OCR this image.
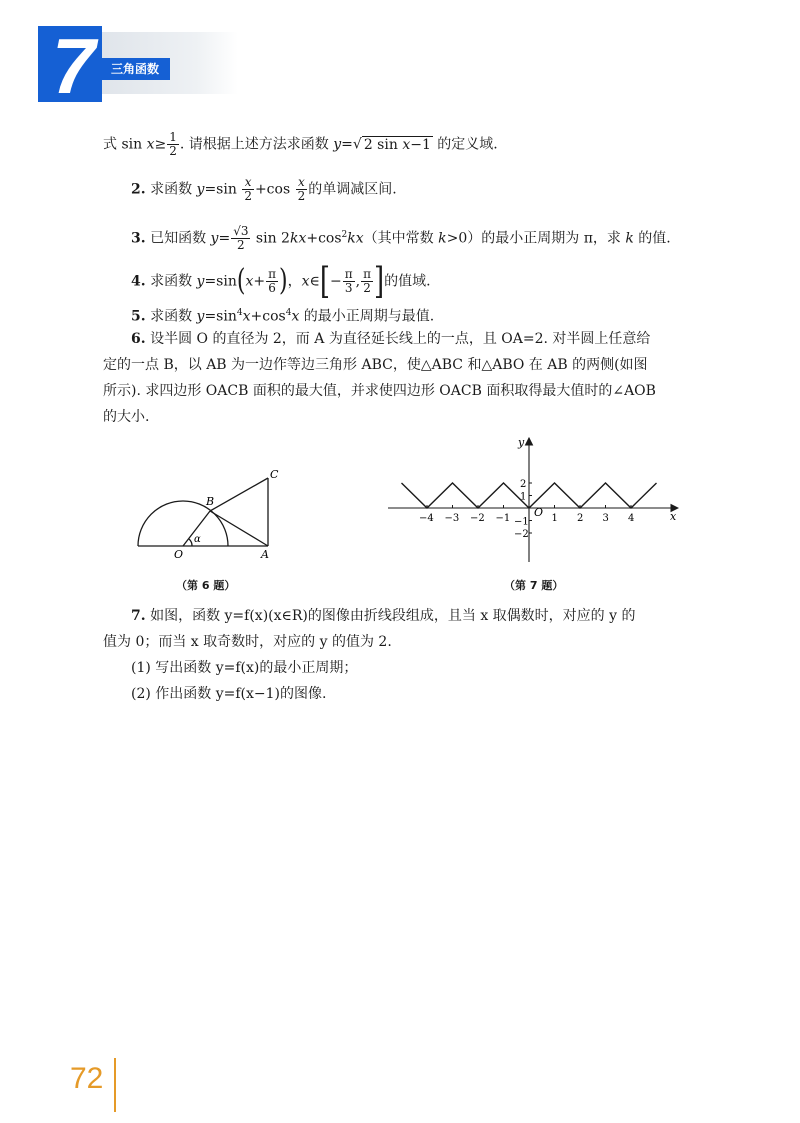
7	三角函数
式 $\sin x\ge \frac{1}{2}$ . 请根据上述方法求函数 y=√ 2 sin x−1 的定义域.
2. 求函数 $y=\sin \frac{x}{2} +\cos \frac{x}{2}$ 的单调减区间.
3. 已知函数 $y= \frac{√3}{2}$ $\sin 2kx+\cos^2kx$（其中常数 k>0）的最小正周期为 π，求 k 的值.
4. 求函数 $y=\sin(x+ \frac{\pi}{6}$ )，x∈[− $\frac{\pi}{3}$ , $\frac{\pi}{2}$ ]的值域.
5. 求函数 $y=\sin^4x+\cos^4x$ 的最小正周期与最值.
6. 设半圆 O 的直径为 2，而 A 为直径延长线上的一点，且 OA=2. 对半圆上任意给
定的一点 B，以 AB 为一边作等边三角形 ABC，使△ABC 和△ABO 在 AB 的两侧(如图
所示). 求四边形 OACB 面积的最大值，并求使四边形 OACB 面积取得最大值时的∠AOB
的大小.
B
C
O	A
α
（第 6 题）
−4 −3 −2 −1	1 2 3 4
2
1
−1
−2
O	x
y
（第 7 题）
7. 如图，函数 y=f(x)(x∈R)的图像由折线段组成，且当 x 取偶数时，对应的 y 的
值为 0；而当 x 取奇数时，对应的 y 的值为 2.
(1) 写出函数 y=f(x)的最小正周期；
(2) 作出函数 y=f(x−1)的图像.
72
